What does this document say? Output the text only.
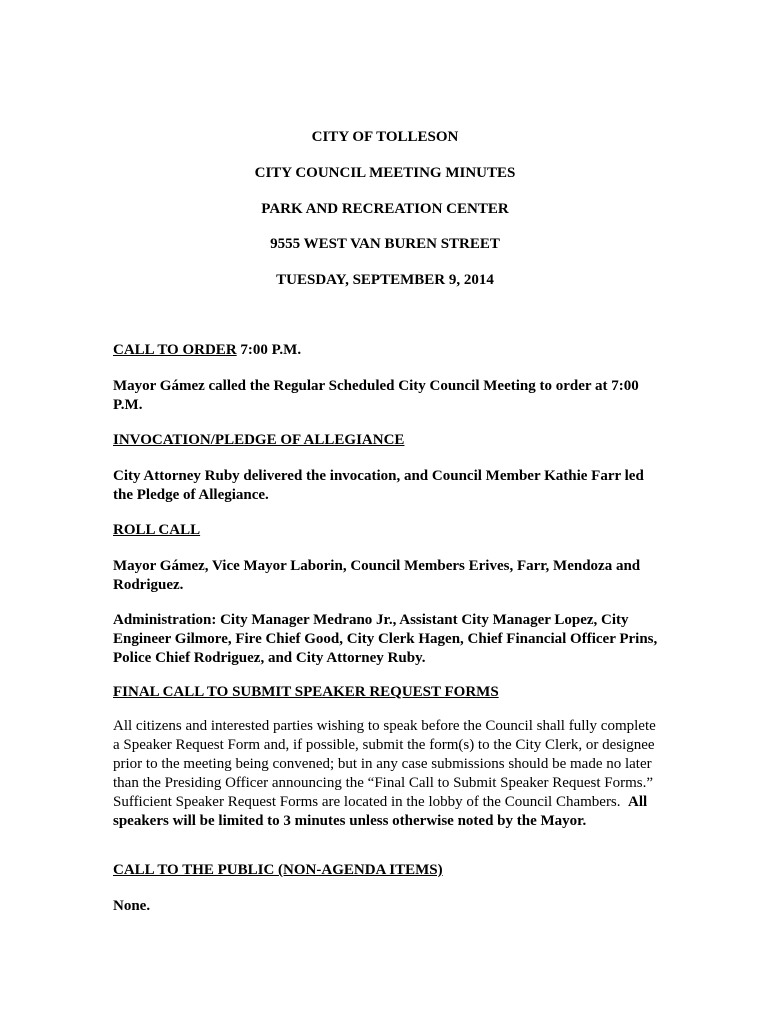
CITY OF TOLLESON
CITY COUNCIL MEETING MINUTES
PARK AND RECREATION CENTER
9555 WEST VAN BUREN STREET
TUESDAY, SEPTEMBER 9, 2014
CALL TO ORDER 7:00 P.M.
Mayor Gámez called the Regular Scheduled City Council Meeting to order at 7:00 P.M.
INVOCATION/PLEDGE OF ALLEGIANCE
City Attorney Ruby delivered the invocation, and Council Member Kathie Farr led the Pledge of Allegiance.
ROLL CALL
Mayor Gámez, Vice Mayor Laborin, Council Members Erives, Farr, Mendoza and Rodriguez.
Administration: City Manager Medrano Jr., Assistant City Manager Lopez, City Engineer Gilmore, Fire Chief Good, City Clerk Hagen, Chief Financial Officer Prins, Police Chief Rodriguez, and City Attorney Ruby.
FINAL CALL TO SUBMIT SPEAKER REQUEST FORMS
All citizens and interested parties wishing to speak before the Council shall fully complete a Speaker Request Form and, if possible, submit the form(s) to the City Clerk, or designee prior to the meeting being convened; but in any case submissions should be made no later than the Presiding Officer announcing the “Final Call to Submit Speaker Request Forms.”  Sufficient Speaker Request Forms are located in the lobby of the Council Chambers.  All speakers will be limited to 3 minutes unless otherwise noted by the Mayor.
CALL TO THE PUBLIC (NON-AGENDA ITEMS)
None.
